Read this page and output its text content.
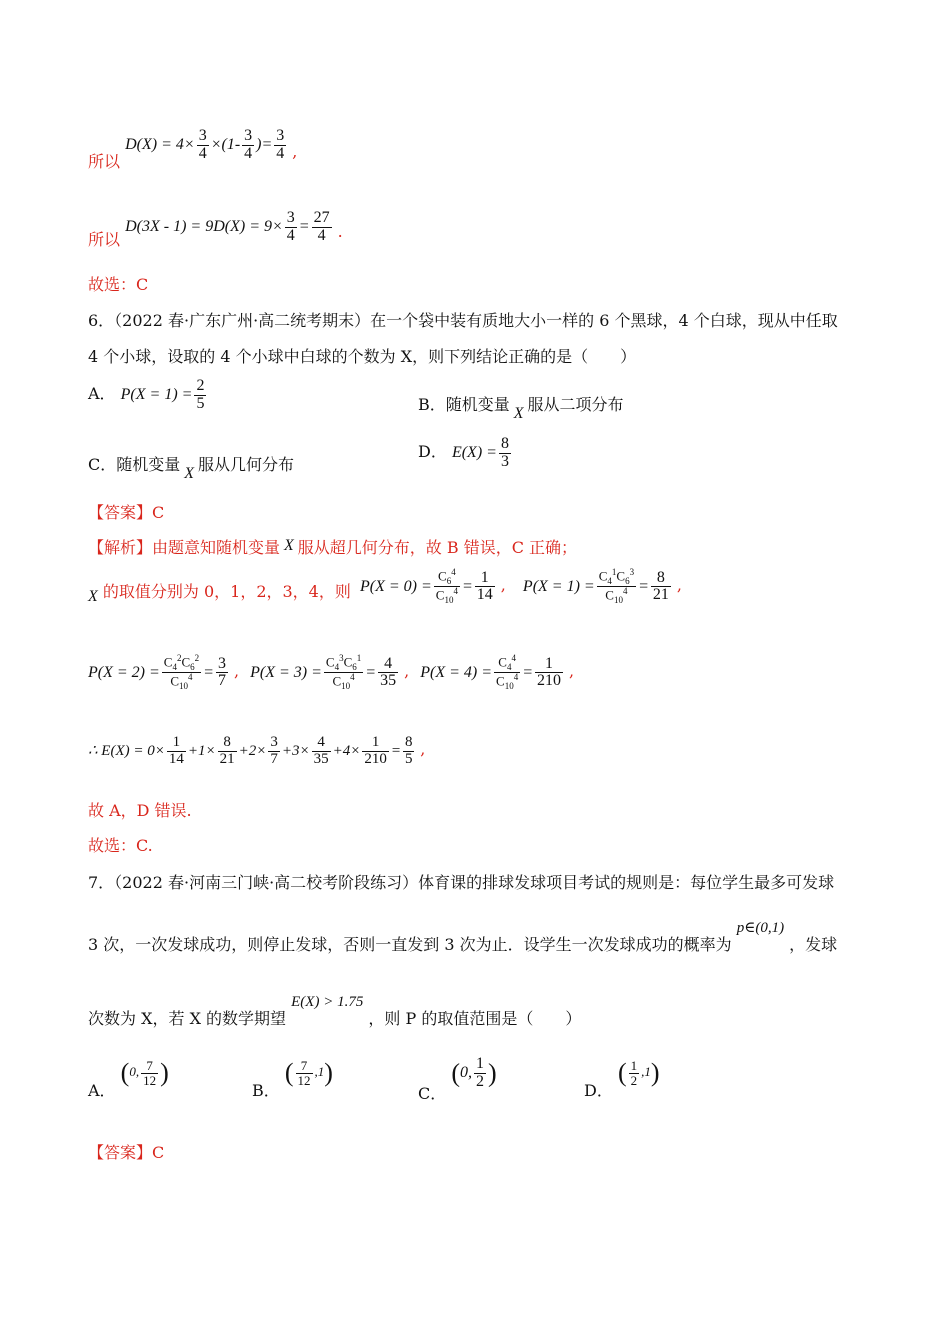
所以 $D(X) = 4\times \frac{3}{4} \times(1- \frac{3}{4}$ )= $\frac{3}{4}$ ,
所以 $D(3X - 1) = 9D(X) = 9\times \frac{3}{4} = \frac{27}{4}$ .
故选：C
6．（2022 春·广东广州·高二统考期末）在一个袋中装有质地大小一样的 6 个黑球，4 个白球，现从中任取
4 个小球，设取的 4 个小球中白球的个数为 X，则下列结论正确的是（　　）
A． $P(X = 1) = \frac{2}{5}$	B．随机变量 X 服从二项分布
C．随机变量 X 服从几何分布
D． $E(X) = \frac{8}{3}$
【答案】C
【解析】由题意知随机变量 X 服从超几何分布，故 B 错误，C 正确；
X 的取值分别为 0，1，2，3，4，则 $P(X = 0) = \frac{C_6^4}{C_{10}^4} = \frac{1}{14}$ , $P(X = 1) = \frac{C_4^1C_6^3}{C_{10}^4} = \frac{8}{21}$ ,
$P(X = 2) = \frac{C_4^2C_6^2}{C_{10}^4} = \frac{3}{7}$ , $P(X = 3) = \frac{C_4^3C_6^1}{C_{10}^4} = \frac{4}{35}$ , $P(X = 4) = \frac{C_4^4}{C_{10}^4} = \frac{1}{210}$ ,
∴ $E(X) = 0\times \frac{1}{14} +1\times \frac{8}{21} +2\times \frac{3}{7} +3\times \frac{4}{35} +4\times \frac{1}{210} = \frac{8}{5}$ ,
故 A，D 错误.
故选：C.
7．（2022 春·河南三门峡·高二校考阶段练习）体育课的排球发球项目考试的规则是：每位学生最多可发球
3 次，一次发球成功，则停止发球，否则一直发到 3 次为止．设学生一次发球成功的概率为 p∈(0,1) ，发球
次数为 X，若 X 的数学期望 E(X) > 1.75 ，则 P 的取值范围是（　　）
A． (0, $\frac{7}{12}$ )
B． ( $\frac{7}{12} ,1$)
C． (0, $\frac{1}{2}$ )
D． ( $\frac{1}{2} ,1$)
【答案】C
